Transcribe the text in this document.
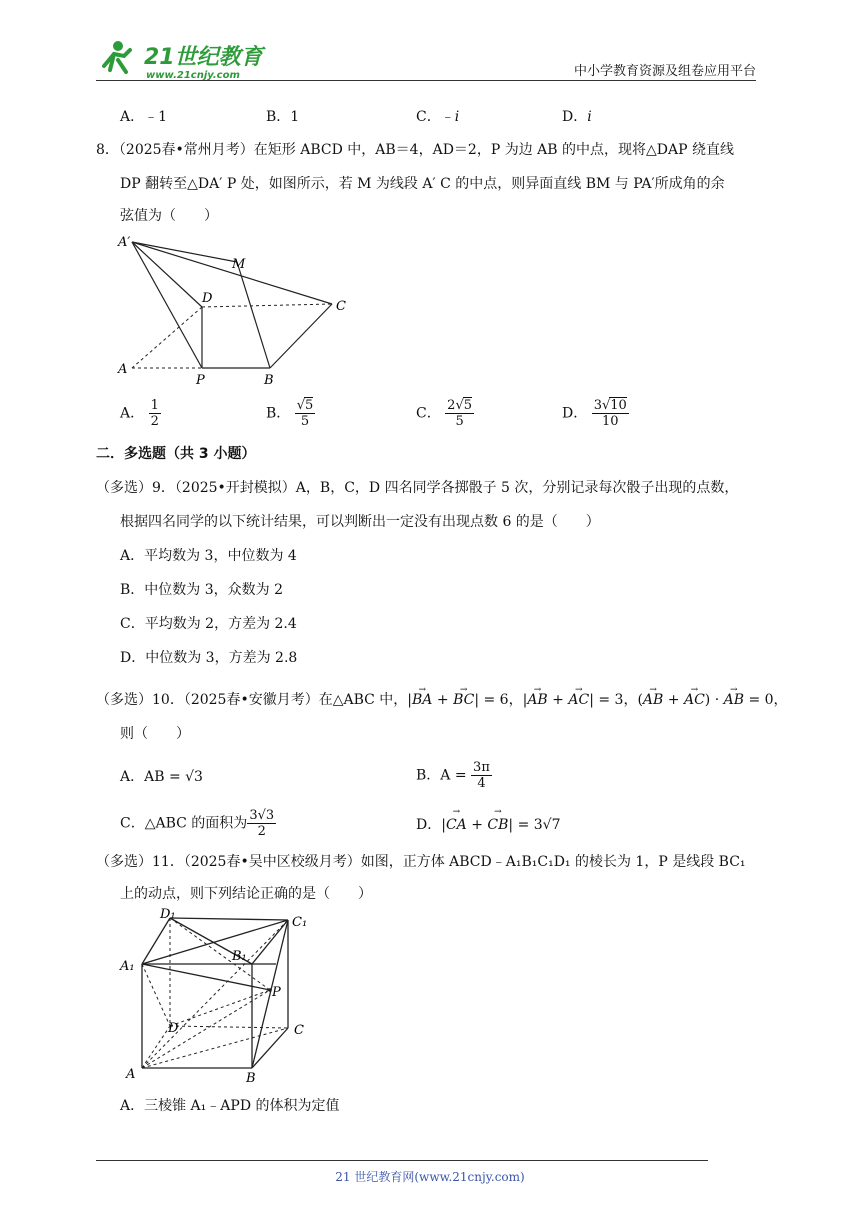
21世纪教育
www.21cnjy.com	中小学教育资源及组卷应用平台
A．﹣1	B．1	C．﹣i	D．i
8．（2025春•常州月考）在矩形 ABCD 中，AB＝4，AD＝2，P 为边 AB 的中点，现将△DAP 绕直线
DP 翻转至△DA′ P 处，如图所示，若 M 为线段 A′ C 的中点，则异面直线 BM 与 PA′所成角的余
弦值为（　　）
A′
M
D
C
A
P	B
A． $\frac{1}{2}$	B． $\frac{√5}{5}$	C． $\frac{2√5}{5}$	D． $\frac{3√10}{10}$
二．多选题（共 3 小题）
（多选）9．（2025•开封模拟）A，B，C，D 四名同学各掷骰子 5 次，分别记录每次骰子出现的点数，
根据四名同学的以下统计结果，可以判断出一定没有出现点数 6 的是（　　）
A．平均数为 3，中位数为 4
B．中位数为 3，众数为 2
C．平均数为 2，方差为 2.4
D．中位数为 3，方差为 2.8
（多选）10．（2025春•安徽月考）在△ABC 中，|→ BA + → BC| = 6，|→ AB + → AC| = 3，(→ AB + → AC) · → AB = 0，
则（　　）
A．AB = √3	B．$A = \frac{3\pi}{4}$
C．△ABC 的面积为 $\frac{3√3}{2}$	D．|→ CA + → CB| = 3√7
（多选）11．（2025春•吴中区校级月考）如图，正方体 ABCD﹣A₁B₁C₁D₁ 的棱长为 1，P 是线段 BC₁
上的动点，则下列结论正确的是（　　）
D₁
C₁
B₁
A₁
P
D	C
A	B
A．三棱锥 A₁﹣APD 的体积为定值
21 世纪教育网(www.21cnjy.com)
